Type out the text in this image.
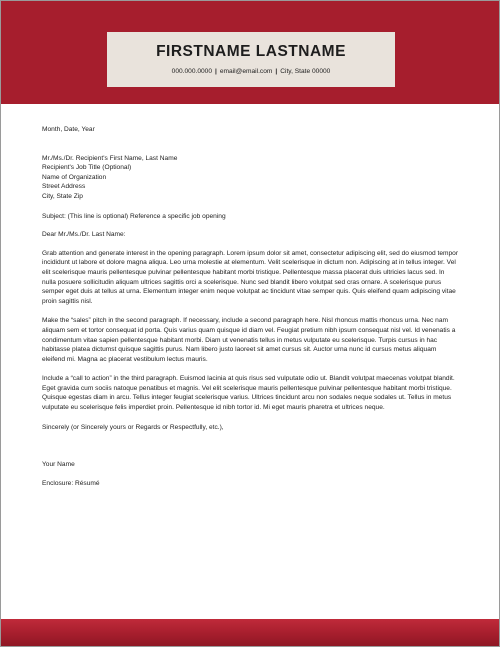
FIRSTNAME LASTNAME
000.000.0000 | email@email.com | City, State 00000

Month, Date, Year

Mr./Ms./Dr. Recipient's First Name, Last Name
Recipient's Job Title (Optional)
Name of Organization
Street Address
City, State Zip

Subject: (This line is optional) Reference a specific job opening

Dear Mr./Ms./Dr. Last Name:

Grab attention and generate interest in the opening paragraph. Lorem ipsum dolor sit amet, consectetur adipiscing elit, sed do eiusmod tempor incididunt ut labore et dolore magna aliqua. Leo urna molestie at elementum. Velit scelerisque in dictum non. Adipiscing at in tellus integer. Vel elit scelerisque mauris pellentesque pulvinar pellentesque habitant morbi tristique. Pellentesque massa placerat duis ultricies lacus sed. In nulla posuere sollicitudin aliquam ultrices sagittis orci a scelerisque. Nunc sed blandit libero volutpat sed cras ornare. A scelerisque purus semper eget duis at tellus at urna. Elementum integer enim neque volutpat ac tincidunt vitae semper quis. Quis eleifend quam adipiscing vitae proin sagittis nisl.

Make the “sales” pitch in the second paragraph. If necessary, include a second paragraph here. Nisl rhoncus mattis rhoncus urna. Nec nam aliquam sem et tortor consequat id porta. Quis varius quam quisque id diam vel. Feugiat pretium nibh ipsum consequat nisl vel. Id venenatis a condimentum vitae sapien pellentesque habitant morbi. Diam ut venenatis tellus in metus vulputate eu scelerisque. Turpis cursus in hac habitasse platea dictumst quisque sagittis purus. Nam libero justo laoreet sit amet cursus sit. Auctor urna nunc id cursus metus aliquam eleifend mi. Magna ac placerat vestibulum lectus mauris.

Include a “call to action” in the third paragraph. Euismod lacinia at quis risus sed vulputate odio ut. Blandit volutpat maecenas volutpat blandit. Eget gravida cum sociis natoque penatibus et magnis. Vel elit scelerisque mauris pellentesque pulvinar pellentesque habitant morbi tristique. Quisque egestas diam in arcu. Tellus integer feugiat scelerisque varius. Ultrices tincidunt arcu non sodales neque sodales ut. Tellus in metus vulputate eu scelerisque felis imperdiet proin. Pellentesque id nibh tortor id. Mi eget mauris pharetra et ultrices neque.

Sincerely (or Sincerely yours or Regards or Respectfully, etc.),

Your Name

Enclosure: Résumé
